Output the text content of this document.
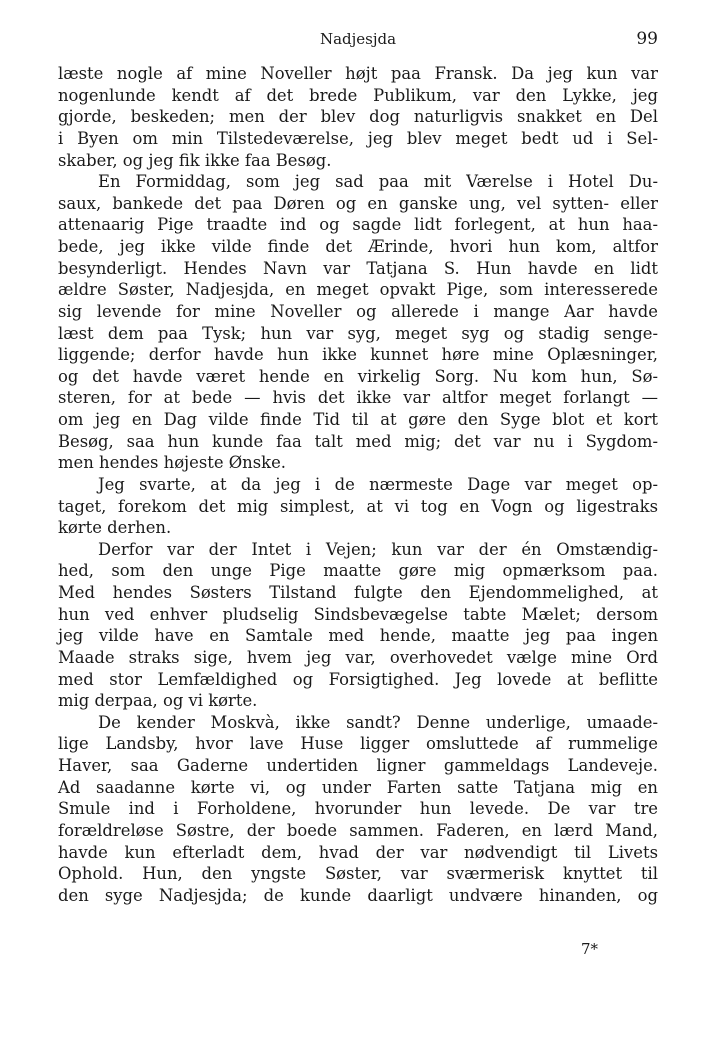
Nadjesjda	99
læste nogle af mine Noveller højt paa Fransk. Da jeg kun var
nogenlunde kendt af det brede Publikum, var den Lykke, jeg
gjorde, beskeden; men der blev dog naturligvis snakket en Del
i Byen om min Tilstedeværelse, jeg blev meget bedt ud i Sel-
skaber, og jeg fik ikke faa Besøg.
En Formiddag, som jeg sad paa mit Værelse i Hotel Du-
saux, bankede det paa Døren og en ganske ung, vel sytten- eller
attenaarig Pige traadte ind og sagde lidt forlegent, at hun haa-
bede, jeg ikke vilde finde det Ærinde, hvori hun kom, altfor
besynderligt. Hendes Navn var Tatjana S. Hun havde en lidt
ældre Søster, Nadjesjda, en meget opvakt Pige, som interesserede
sig levende for mine Noveller og allerede i mange Aar havde
læst dem paa Tysk; hun var syg, meget syg og stadig senge-
liggende; derfor havde hun ikke kunnet høre mine Oplæsninger,
og det havde været hende en virkelig Sorg. Nu kom hun, Sø-
steren, for at bede — hvis det ikke var altfor meget forlangt —
om jeg en Dag vilde finde Tid til at gøre den Syge blot et kort
Besøg, saa hun kunde faa talt med mig; det var nu i Sygdom-
men hendes højeste Ønske.
Jeg svarte, at da jeg i de nærmeste Dage var meget op-
taget, forekom det mig simplest, at vi tog en Vogn og ligestraks
kørte derhen.
Derfor var der Intet i Vejen; kun var der én Omstændig-
hed, som den unge Pige maatte gøre mig opmærksom paa.
Med hendes Søsters Tilstand fulgte den Ejendommelighed, at
hun ved enhver pludselig Sindsbevægelse tabte Mælet; dersom
jeg vilde have en Samtale med hende, maatte jeg paa ingen
Maade straks sige, hvem jeg var, overhovedet vælge mine Ord
med stor Lemfældighed og Forsigtighed. Jeg lovede at beflitte
mig derpaa, og vi kørte.
De kender Moskvà, ikke sandt? Denne underlige, umaade-
lige Landsby, hvor lave Huse ligger omsluttede af rummelige
Haver, saa Gaderne undertiden ligner gammeldags Landeveje.
Ad saadanne kørte vi, og under Farten satte Tatjana mig en
Smule ind i Forholdene, hvorunder hun levede. De var tre
forældreløse Søstre, der boede sammen. Faderen, en lærd Mand,
havde kun efterladt dem, hvad der var nødvendigt til Livets
Ophold. Hun, den yngste Søster, var sværmerisk knyttet til
den syge Nadjesjda; de kunde daarligt undvære hinanden, og
7*
